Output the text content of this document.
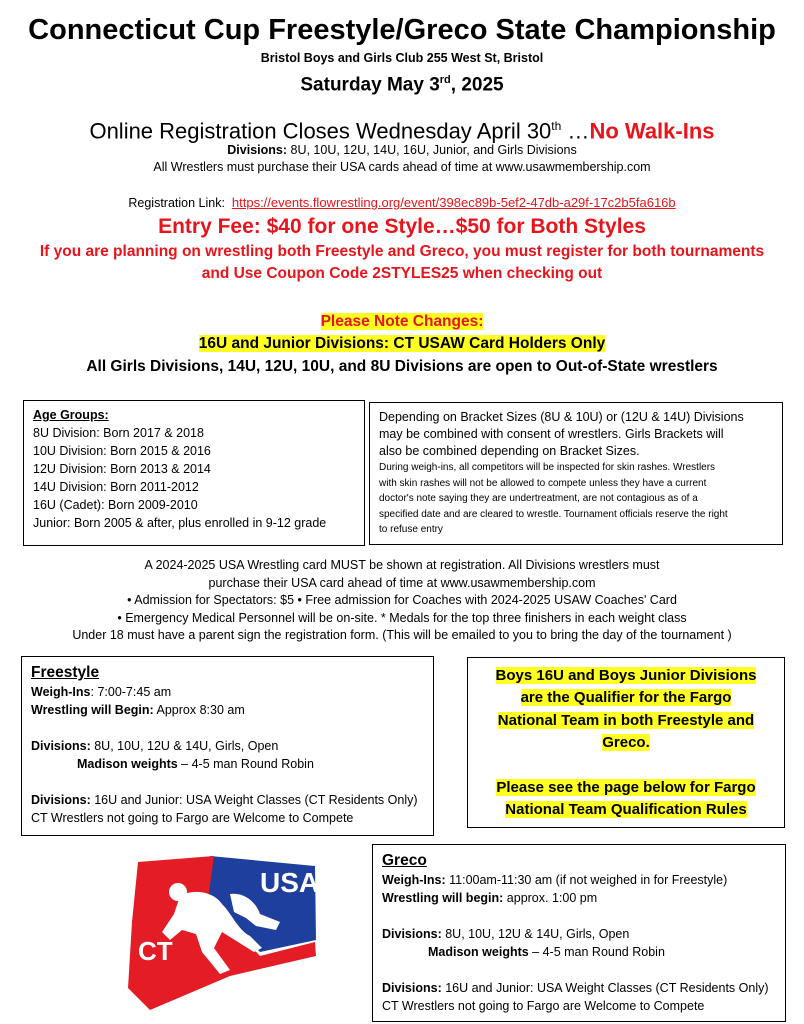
Connecticut Cup Freestyle/Greco State Championship
Bristol Boys and Girls Club 255 West St, Bristol
Saturday May 3rd, 2025
Online Registration Closes Wednesday April 30th …No Walk-Ins
Divisions: 8U, 10U, 12U, 14U, 16U, Junior, and Girls Divisions
All Wrestlers must purchase their USA cards ahead of time at www.usawmembership.com
Registration Link: https://events.flowrestling.org/event/398ec89b-5ef2-47db-a29f-17c2b5fa616b
Entry Fee: $40 for one Style…$50 for Both Styles
If you are planning on wrestling both Freestyle and Greco, you must register for both tournaments
and Use Coupon Code 2STYLES25 when checking out
Please Note Changes:
16U and Junior Divisions: CT USAW Card Holders Only
All Girls Divisions, 14U, 12U, 10U, and 8U Divisions are open to Out-of-State wrestlers
Age Groups:
8U Division: Born 2017 & 2018
10U Division: Born 2015 & 2016
12U Division: Born 2013 & 2014
14U Division: Born 2011-2012
16U (Cadet): Born 2009-2010
Junior: Born 2005 & after, plus enrolled in 9-12 grade
Depending on Bracket Sizes (8U & 10U) or (12U & 14U) Divisions
may be combined with consent of wrestlers. Girls Brackets will
also be combined depending on Bracket Sizes.
During weigh-ins, all competitors will be inspected for skin rashes. Wrestlers
with skin rashes will not be allowed to compete unless they have a current
doctor's note saying they are undertreatment, are not contagious as of a
specified date and are cleared to wrestle. Tournament officials reserve the right
to refuse entry
A 2024-2025 USA Wrestling card MUST be shown at registration. All Divisions wrestlers must
purchase their USA card ahead of time at www.usawmembership.com
• Admission for Spectators: $5 • Free admission for Coaches with 2024-2025 USAW Coaches' Card
• Emergency Medical Personnel will be on-site. * Medals for the top three finishers in each weight class
Under 18 must have a parent sign the registration form. (This will be emailed to you to bring the day of the tournament )
Freestyle
Weigh-Ins: 7:00-7:45 am
Wrestling will Begin: Approx 8:30 am

Divisions: 8U, 10U, 12U & 14U, Girls, Open
Madison weights – 4-5 man Round Robin

Divisions: 16U and Junior: USA Weight Classes (CT Residents Only)
CT Wrestlers not going to Fargo are Welcome to Compete
Boys 16U and Boys Junior Divisions
are the Qualifier for the Fargo
National Team in both Freestyle and
Greco.

Please see the page below for Fargo
National Team Qualification Rules
USA
CT
Greco
Weigh-Ins: 11:00am-11:30 am (if not weighed in for Freestyle)
Wrestling will begin: approx. 1:00 pm

Divisions: 8U, 10U, 12U & 14U, Girls, Open
Madison weights – 4-5 man Round Robin

Divisions: 16U and Junior: USA Weight Classes (CT Residents Only)
CT Wrestlers not going to Fargo are Welcome to Compete
